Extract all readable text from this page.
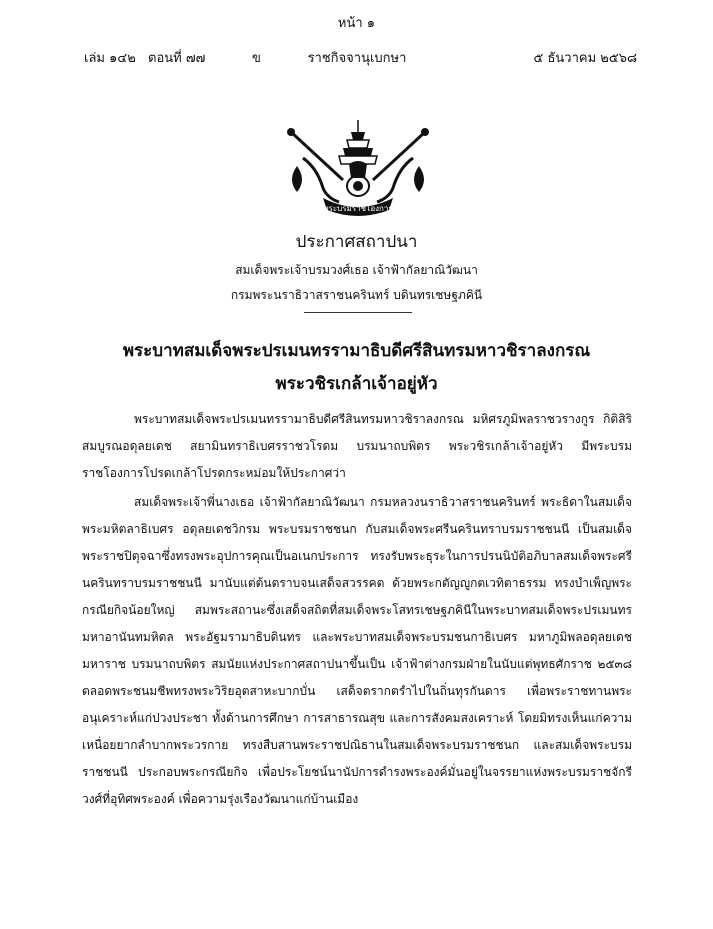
หน้า ๑
เล่ม ๑๔๒ ตอนที่ ๗๗	ข	ราชกิจจานุเบกษา	๕ ธันวาคม ๒๕๖๘
พระบรมราชโองการ
ประกาศสถาปนา
สมเด็จพระเจ้าบรมวงศ์เธอ เจ้าฟ้ากัลยาณิวัฒนา
กรมพระนราธิวาสราชนครินทร์ บดินทรเชษฐภคินี
พระบาทสมเด็จพระปรเมนทรรามาธิบดีศรีสินทรมหาวชิราลงกรณ
พระวชิรเกล้าเจ้าอยู่หัว

พระบาทสมเด็จพระปรเมนทรรามาธิบดีศรีสินทรมหาวชิราลงกรณ มหิศรภูมิพลราชวรางกูร กิติสิริสมบูรณอดุลยเดช สยามินทราธิเบศรราชวโรดม บรมนาถบพิตร พระวชิรเกล้าเจ้าอยู่หัว มีพระบรมราชโองการโปรดเกล้าโปรดกระหม่อมให้ประกาศว่า

สมเด็จพระเจ้าพี่นางเธอ เจ้าฟ้ากัลยาณิวัฒนา กรมหลวงนราธิวาสราชนครินทร์ พระธิดาในสมเด็จพระมหิตลาธิเบศร อดุลยเดชวิกรม พระบรมราชชนก กับสมเด็จพระศรีนครินทราบรมราชชนนี เป็นสมเด็จพระราชปิตุจฉาซึ่งทรงพระอุปการคุณเป็นอเนกประการ ทรงรับพระธุระในการปรนนิบัติอภิบาลสมเด็จพระศรีนครินทราบรมราชชนนี มานับแต่ต้นตราบจนเสด็จสวรรคต ด้วยพระกตัญญูกตเวทิตาธรรม ทรงบำเพ็ญพระกรณียกิจน้อยใหญ่ สมพระสถานะซึ่งเสด็จสถิตที่สมเด็จพระโสทรเชษฐภคินีในพระบาทสมเด็จพระปรเมนทรมหาอานันทมหิดล พระอัฐมรามาธิบดินทร และพระบาทสมเด็จพระบรมชนกาธิเบศร มหาภูมิพลอดุลยเดชมหาราช บรมนาถบพิตร สมนัยแห่งประกาศสถาปนาขึ้นเป็น เจ้าฟ้าต่างกรมฝ่ายในนับแต่พุทธศักราช ๒๕๓๘ ตลอดพระชนมชีพทรงพระวิริยอุตสาหะบากบั่น เสด็จตรากตรำไปในถิ่นทุรกันดาร เพื่อพระราชทานพระอนุเคราะห์แก่ปวงประชา ทั้งด้านการศึกษา การสาธารณสุข และการสังคมสงเคราะห์ โดยมิทรงเห็นแก่ความเหนื่อยยากลำบากพระวรกาย ทรงสืบสานพระราชปณิธานในสมเด็จพระบรมราชชนก และสมเด็จพระบรมราชชนนี ประกอบพระกรณียกิจ เพื่อประโยชน์นานัปการดำรงพระองค์มั่นอยู่ในจรรยาแห่งพระบรมราชจักรีวงศ์ที่อุทิศพระองค์ เพื่อความรุ่งเรืองวัฒนาแก่บ้านเมือง
